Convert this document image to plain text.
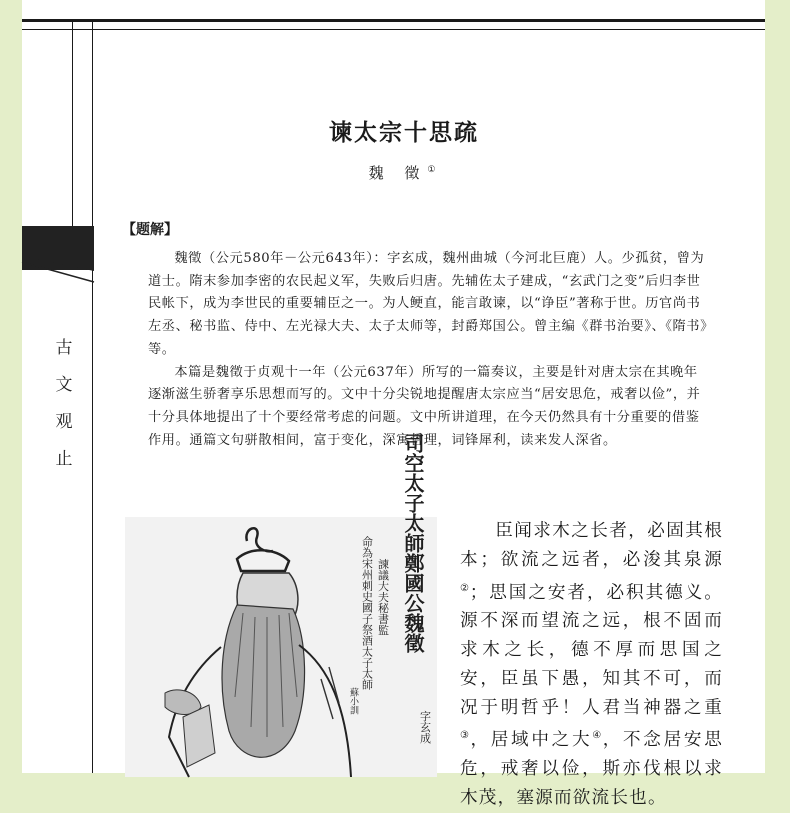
古
文
观
止
谏太宗十思疏
魏 徵①
【题解】

魏徵（公元580年－公元643年）：字玄成，魏州曲城（今河北巨鹿）人。少孤贫，曾为道士。隋末参加李密的农民起义军，失败后归唐。先辅佐太子建成，“玄武门之变”后归李世民帐下，成为李世民的重要辅臣之一。为人鲠直，能言敢谏，以“诤臣”著称于世。历官尚书左丞、秘书监、侍中、左光禄大夫、太子太师等，封爵郑国公。曾主编《群书治要》、《隋书》等。

本篇是魏徵于贞观十一年（公元637年）所写的一篇奏议，主要是针对唐太宗在其晚年逐渐滋生骄奢享乐思想而写的。文中十分尖锐地提醒唐太宗应当“居安思危，戒奢以俭”，并十分具体地提出了十个要经常考虑的问题。文中所讲道理，在今天仍然具有十分重要的借鉴作用。通篇文句骈散相间，富于变化，深寓哲理，词锋犀利，读来发人深省。

司空太子太師鄭國公魏徵
諫議大夫秘書監
命為宋州刺史國子祭酒太子太師
字玄成
蘇小訓

臣闻求木之长者，必固其根本；欲流之远者，必浚其泉源②；思国之安者，必积其德义。源不深而望流之远，根不固而求木之长，德不厚而思国之安，臣虽下愚，知其不可，而况于明哲乎！人君当神器之重③，居域中之大④，不念居安思危，戒奢以俭，斯亦伐根以求木茂，塞源而欲流长也。
